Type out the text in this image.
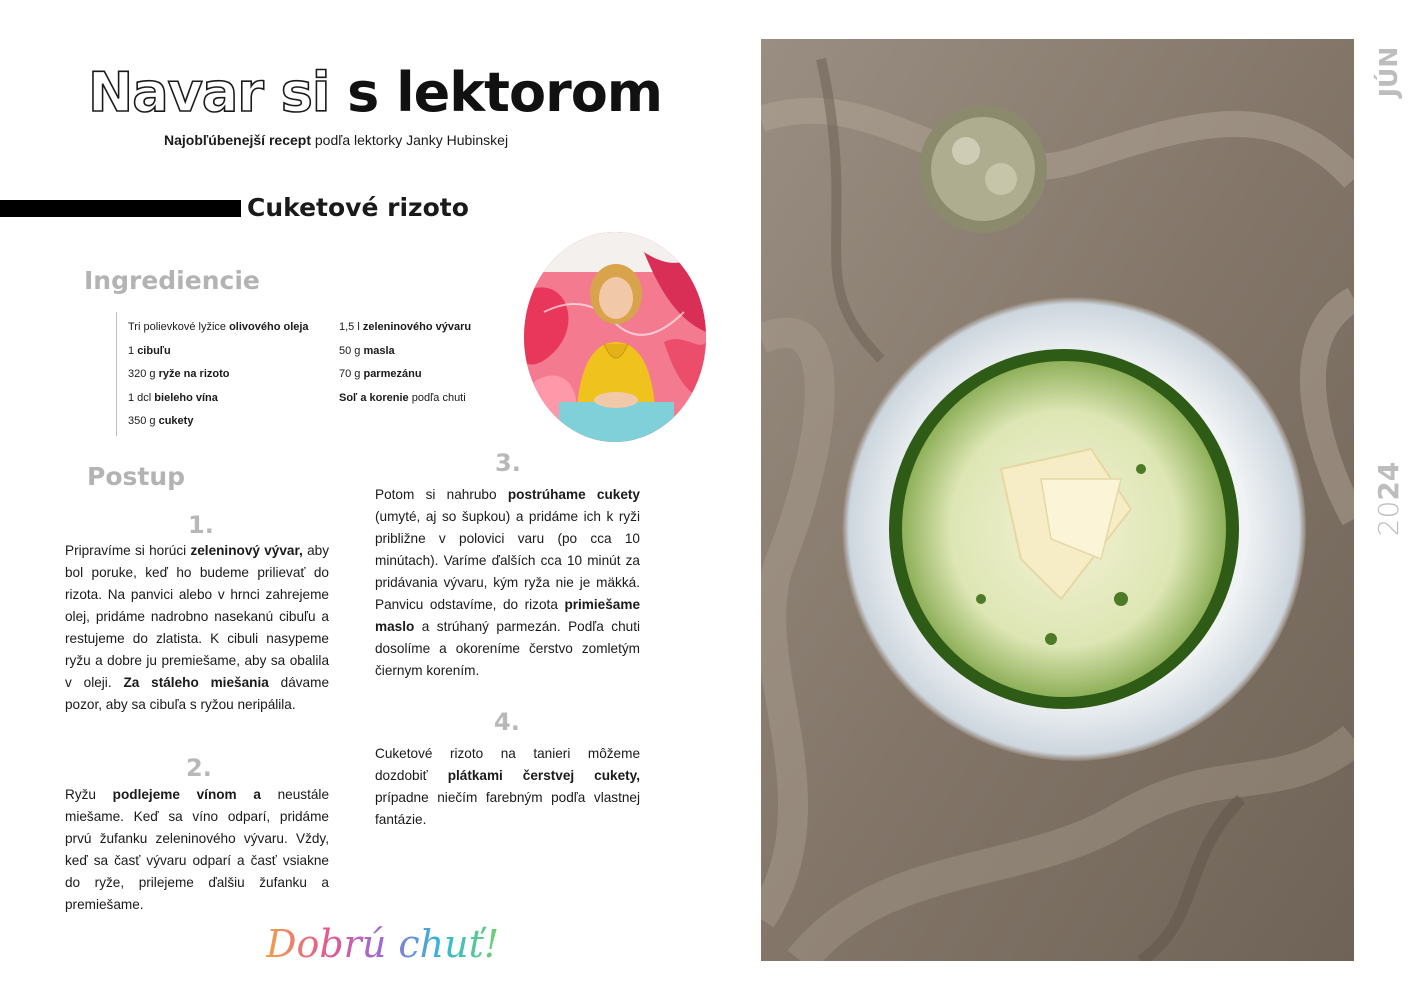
Navar si s lektorom
Najobľúbenejší recept podľa lektorky Janky Hubinskej
Cuketové rizoto
Ingrediencie
Tri polievkové lyžice olivového oleja
1 cibuľu
320 g ryže na rizoto
1 dcl bieleho vína
350 g cukety
1,5 l zeleninového vývaru
50 g masla
70 g parmezánu
Soľ a korenie podľa chuti
Postup
1.

Pripravíme si horúci zeleninový vývar, aby bol poruke, keď ho budeme prilievať do rizota. Na panvici alebo v hrnci zahrejeme olej, pridáme nadrobno nasekanú cibuľu a restujeme do zlatista. K cibuli nasypeme ryžu a dobre ju premiešame, aby sa obalila v oleji. Za stáleho miešania dávame pozor, aby sa cibuľa s ryžou neripálila.

2.

Ryžu podlejeme vínom a neustále miešame. Keď sa víno odparí, pridáme prvú žufanku zeleninového vývaru. Vždy, keď sa časť vývaru odparí a časť vsiakne do ryže, prilejeme ďalšiu žufanku a premiešame.

3.

Potom si nahrubo postrúhame cukety (umyté, aj so šupkou) a pridáme ich k ryži približne v polovici varu (po cca 10 minútach). Varíme ďalších cca 10 minút za pridávania vývaru, kým ryža nie je mäkká. Panvicu odstavíme, do rizota primiešame maslo a strúhaný parmezán. Podľa chuti dosolíme a okoreníme čerstvo zomletým čiernym korením.

4.

Cuketové rizoto na tanieri môžeme dozdobiť plátkami čerstvej cukety, prípadne niečím farebným podľa vlastnej fantázie.

Dobrú chuť!
JÚN
2024
